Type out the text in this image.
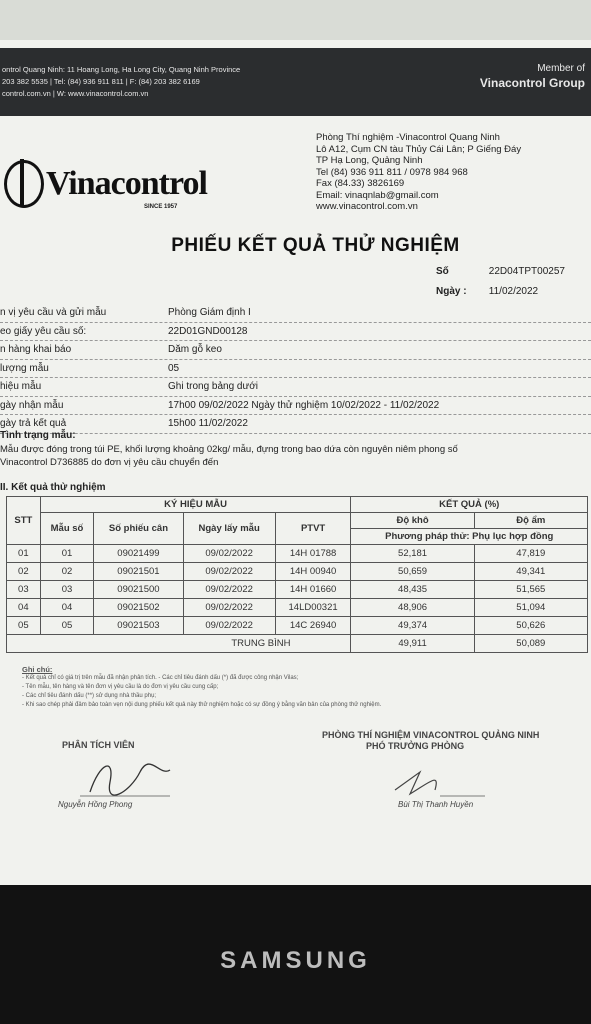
ontrol Quang Ninh: 11 Hoang Long, Ha Long City, Quang Ninh Province
203 382 5535 | Tel: (84) 936 911 811 | F: (84) 203 382 6169
control.com.vn | W: www.vinacontrol.com.vn
Member of
Vinacontrol Group
Vinacontrol
SINCE 1957
Phòng Thí nghiệm -Vinacontrol Quang Ninh
Lô A12, Cụm CN tàu Thủy Cái Lân; P Giếng Đáy
TP Hạ Long, Quảng Ninh
Tel (84) 936 911 811 / 0978 984 968
Fax (84.33) 3826169
Email: vinaqnlab@gmail.com
www.vinacontrol.com.vn
PHIẾU KẾT QUẢ THỬ NGHIỆM
Số	22D04TPT00257
Ngày : 11/02/2022
n vị yêu cầu và gửi mẫu	Phòng Giám định I
eo giấy yêu cầu số:	22D01GND00128
n hàng khai báo	Dăm gỗ keo
lượng mẫu	05
hiệu mẫu	Ghi trong bảng dưới
gày nhận mẫu	17h00 09/02/2022 Ngày thử nghiệm 10/02/2022 - 11/02/2022
gày trả kết quả	15h00 11/02/2022
Tình trạng mẫu:
Mẫu được đóng trong túi PE, khối lượng khoảng 02kg/ mẫu, đựng trong bao dứa còn nguyên niêm phong số
Vinacontrol D736885 do đơn vị yêu cầu chuyển đến
II. Kết quả thử nghiệm
STT	KÝ HIỆU MẪU				KẾT QUẢ (%)	
	Mẫu số	Số phiếu cân	Ngày lấy mẫu	PTVT	Độ khô	Độ ẩm
					Phương pháp thử: Phụ lục hợp đồng	
01	01	09021499	09/02/2022	14H 01788	52,181	47,819
02	02	09021501	09/02/2022	14H 00940	50,659	49,341
03	03	09021500	09/02/2022	14H 01660	48,435	51,565
04	04	09021502	09/02/2022	14LD00321	48,906	51,094
05	05	09021503	09/02/2022	14C 26940	49,374	50,626
TRUNG BÌNH					49,911	50,089
Ghi chú:
- Kết quả chỉ có giá trị trên mẫu đã nhận phân tích. - Các chỉ tiêu đánh dấu (*) đã được công nhận Vilas;
- Tên mẫu, tên hàng và tên đơn vị yêu cầu là do đơn vị yêu cầu cung cấp;
- Các chỉ tiêu đánh dấu (**) sử dụng nhà thầu phụ;
- Khi sao chép phải đảm bảo toàn vẹn nội dung phiếu kết quả này thử nghiệm hoặc có sự đồng ý bằng văn bản của phòng thử nghiệm.
PHÂN TÍCH VIÊN
PHÒNG THÍ NGHIỆM VINACONTROL QUẢNG NINH
PHÓ TRƯỞNG PHÒNG
Nguyễn Hồng Phong	Bùi Thị Thanh Huyền
SAMSUNG
